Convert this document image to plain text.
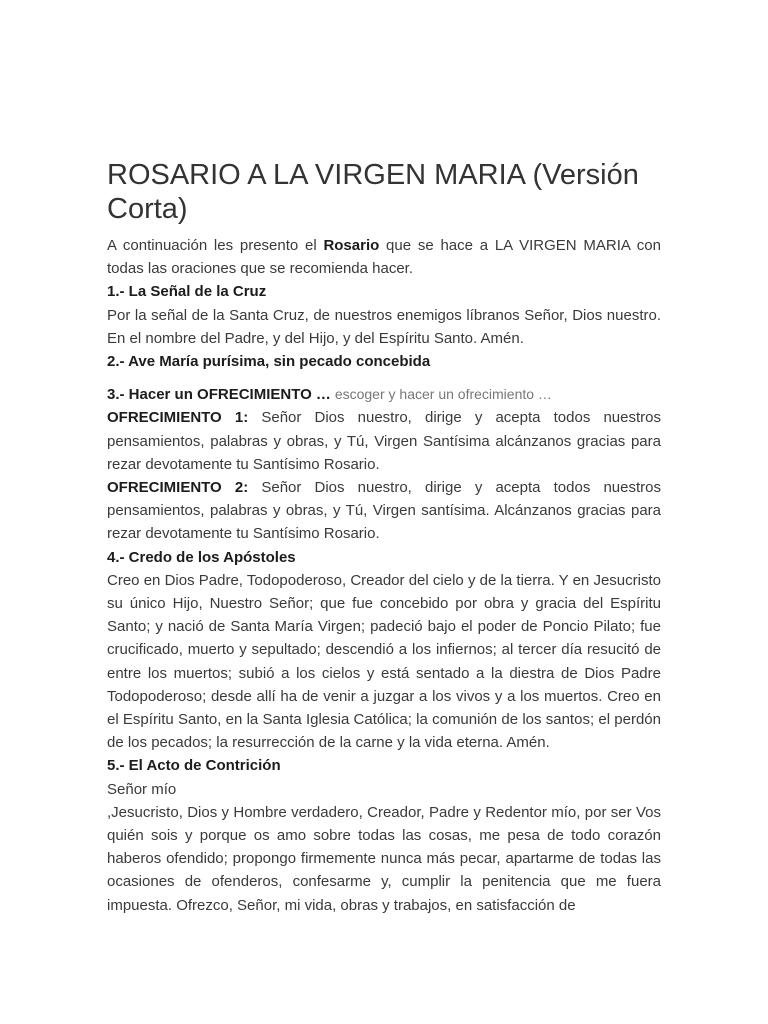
ROSARIO A LA VIRGEN MARIA (Versión Corta)

A continuación les presento el Rosario que se hace a LA VIRGEN MARIA con todas las oraciones que se recomienda hacer.

1.- La Señal de la Cruz

Por la señal de la Santa Cruz, de nuestros enemigos líbranos Señor, Dios nuestro. En el nombre del Padre, y del Hijo, y del Espíritu Santo. Amén.

2.- Ave María purísima, sin pecado concebida

3.- Hacer un OFRECIMIENTO … escoger y hacer un ofrecimiento …

OFRECIMIENTO 1: Señor Dios nuestro, dirige y acepta todos nuestros pensamientos, palabras y obras, y Tú, Virgen Santísima alcánzanos gracias para rezar devotamente tu Santísimo Rosario.

OFRECIMIENTO 2: Señor Dios nuestro, dirige y acepta todos nuestros pensamientos, palabras y obras, y Tú, Virgen santísima. Alcánzanos gracias para rezar devotamente tu Santísimo Rosario.

4.- Credo de los Apóstoles

Creo en Dios Padre, Todopoderoso, Creador del cielo y de la tierra. Y en Jesucristo su único Hijo, Nuestro Señor; que fue concebido por obra y gracia del Espíritu Santo; y nació de Santa María Virgen; padeció bajo el poder de Poncio Pilato; fue crucificado, muerto y sepultado; descendió a los infiernos; al tercer día resucitó de entre los muertos; subió a los cielos y está sentado a la diestra de Dios Padre Todopoderoso; desde allí ha de venir a juzgar a los vivos y a los muertos. Creo en el Espíritu Santo, en la Santa Iglesia Católica; la comunión de los santos; el perdón de los pecados; la resurrección de la carne y la vida eterna. Amén.

5.- El Acto de Contrición

Señor mío

,Jesucristo, Dios y Hombre verdadero, Creador, Padre y Redentor mío, por ser Vos quién sois y porque os amo sobre todas las cosas, me pesa de todo corazón haberos ofendido; propongo firmemente nunca más pecar, apartarme de todas las ocasiones de ofenderos, confesarme y, cumplir la penitencia que me fuera impuesta. Ofrezco, Señor, mi vida, obras y trabajos, en satisfacción de
